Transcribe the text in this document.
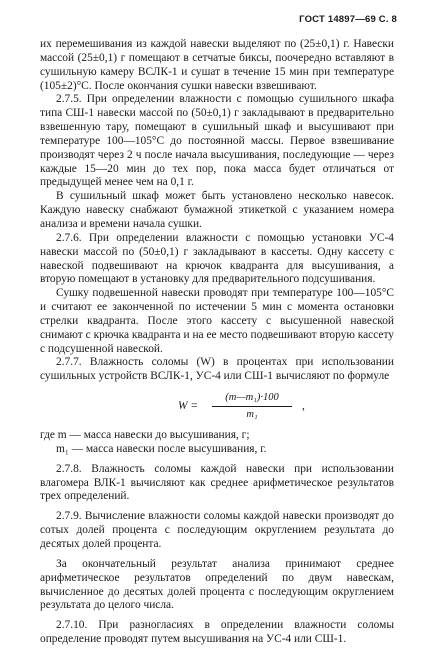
ГОСТ 14897—69 С. 8

их перемешивания из каждой навески выделяют по (25±0,1) г. Навески массой (25±0,1) г помещают в сетчатые биксы, поочередно вставляют в сушильную камеру ВСЛК-1 и сушат в течение 15 мин при температуре (105±2)°С. После окончания сушки навески взвешивают.

2.7.5. При определении влажности с помощью сушильного шкафа типа СШ-1 навески массой по (50±0,1) г закладывают в предварительно взвешенную тару, помещают в сушильный шкаф и высушивают при температуре 100—105°С до постоянной массы. Первое взвешивание производят через 2 ч после начала высушивания, последующие — через каждые 15—20 мин до тех пор, пока масса будет отличаться от предыдущей менее чем на 0,1 г.

В сушильный шкаф может быть установлено несколько навесок. Каждую навеску снабжают бумажной этикеткой с указанием номера анализа и времени начала сушки.

2.7.6. При определении влажности с помощью установки УС-4 навески массой по (50±0,1) г закладывают в кассеты. Одну кассету с навеской подвешивают на крючок квадранта для высушивания, а вторую помещают в установку для предварительного подсушивания.

Сушку подвешенной навески проводят при температуре 100—105°С и считают ее законченной по истечении 5 мин с момента остановки стрелки квадранта. После этого кассету с высушенной навеской снимают с крючка квадранта и на ее место подвешивают вторую кассету с подсушенной навеской.

2.7.7. Влажность соломы (W) в процентах при использовании сушильных устройств ВСЛК-1, УС-4 или СШ-1 вычисляют по формуле

$W = \frac{\text{(m—m₁)·100}}{\text{m₁}}$ ,

где m — масса навески до высушивания, г;

m₁ — масса навески после высушивания, г.

2.7.8. Влажность соломы каждой навески при использовании влагомера ВЛК-1 вычисляют как среднее арифметическое результатов трех определений.

2.7.9. Вычисление влажности соломы каждой навески производят до сотых долей процента с последующим округлением результата до десятых долей процента.

За окончательный результат анализа принимают среднее арифметическое результатов определений по двум навескам, вычисленное до десятых долей процента с последующим округлением результата до целого числа.

2.7.10. При разногласиях в определении влажности соломы определение проводят путем высушивания на УС-4 или СШ-1.
